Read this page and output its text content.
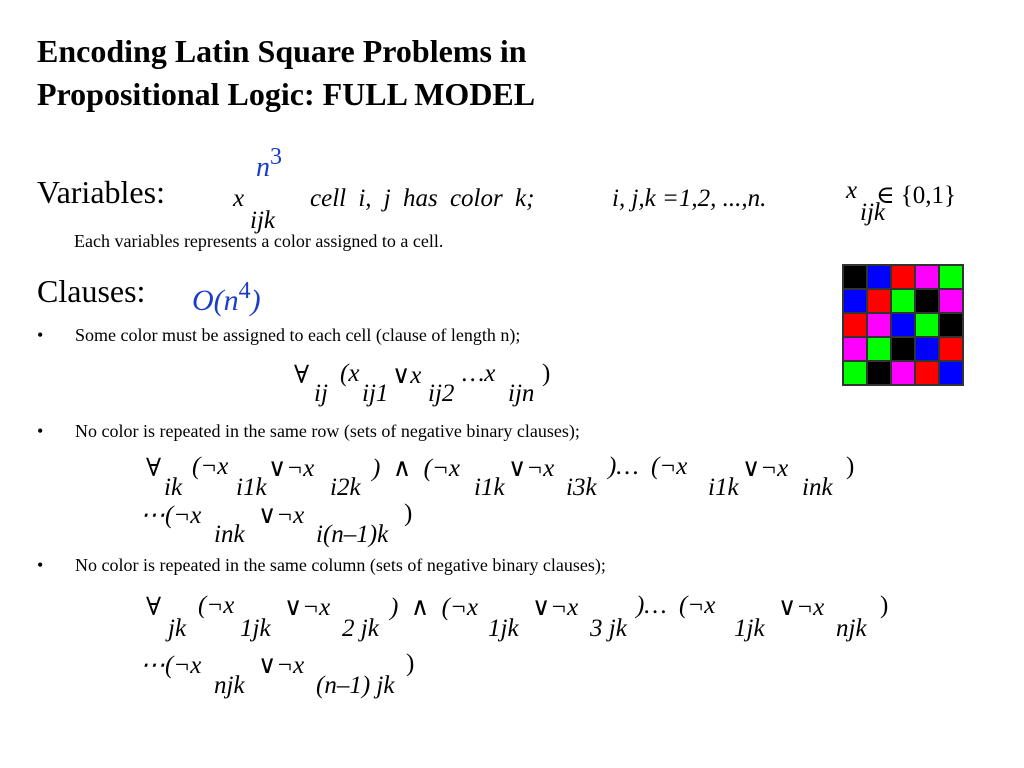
Encoding Latin Square Problems in
Propositional Logic: FULL MODEL
Variables:
n3
x
ijk
cell i, j has color k;	i, j,k =1,2, ...,n.	x
ijk
∈ {0,1}
Each variables represents a color assigned to a cell.
Clauses: $O(n^4)$
• Some color must be assigned to each cell (clause of length n);
∀
ij
(x
ij1
∨x
ij2
…x
ijn
)
• No color is repeated in the same row (sets of negative binary clauses);
∀
ik
(¬x
i1k
∨¬x
i2k
)  ∧  (¬x
i1k
∨¬x
i3k
)…  (¬x
i1k
∨¬x
ink
)
⋯(¬x
ink
∨¬x
i(n–1)k
)
• No color is repeated in the same column (sets of negative binary clauses);
∀
jk
(¬x
1jk
∨¬x
2 jk
)  ∧  (¬x
1jk
∨¬x
3 jk
)…  (¬x
1jk
∨¬x
njk
)
⋯(¬x
njk
∨¬x
(n–1) jk
)
